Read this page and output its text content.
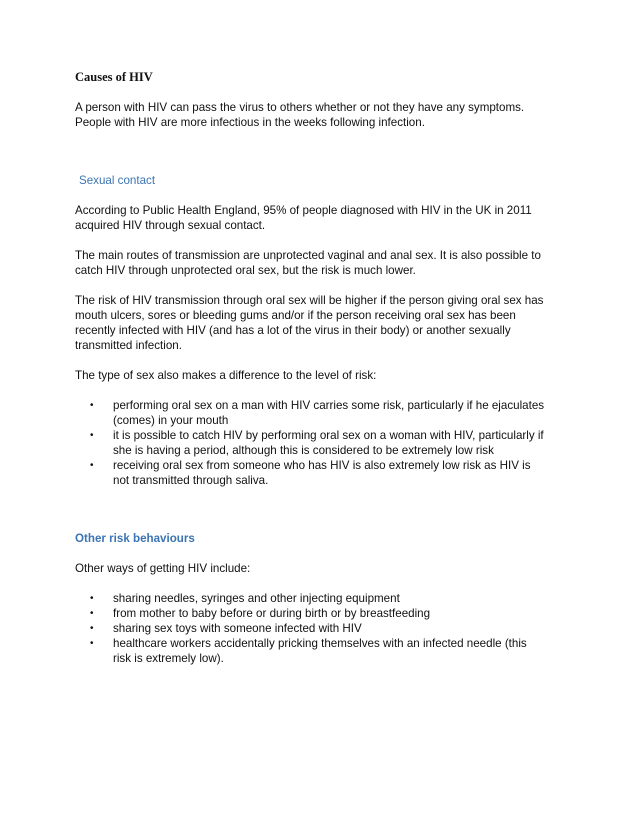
Causes of HIV

A person with HIV can pass the virus to others whether or not they have any symptoms. People with HIV are more infectious in the weeks following infection.

Sexual contact

According to Public Health England, 95% of people diagnosed with HIV in the UK in 2011 acquired HIV through sexual contact.

The main routes of transmission are unprotected vaginal and anal sex. It is also possible to catch HIV through unprotected oral sex, but the risk is much lower.

The risk of HIV transmission through oral sex will be higher if the person giving oral sex has mouth ulcers, sores or bleeding gums and/or if the person receiving oral sex has been recently infected with HIV (and has a lot of the virus in their body) or another sexually transmitted infection.

The type of sex also makes a difference to the level of risk:

• performing oral sex on a man with HIV carries some risk, particularly if he ejaculates (comes) in your mouth
• it is possible to catch HIV by performing oral sex on a woman with HIV, particularly if she is having a period, although this is considered to be extremely low risk
• receiving oral sex from someone who has HIV is also extremely low risk as HIV is not transmitted through saliva.
Other risk behaviours

Other ways of getting HIV include:

• sharing needles, syringes and other injecting equipment
• from mother to baby before or during birth or by breastfeeding
• sharing sex toys with someone infected with HIV
• healthcare workers accidentally pricking themselves with an infected needle (this risk is extremely low).
